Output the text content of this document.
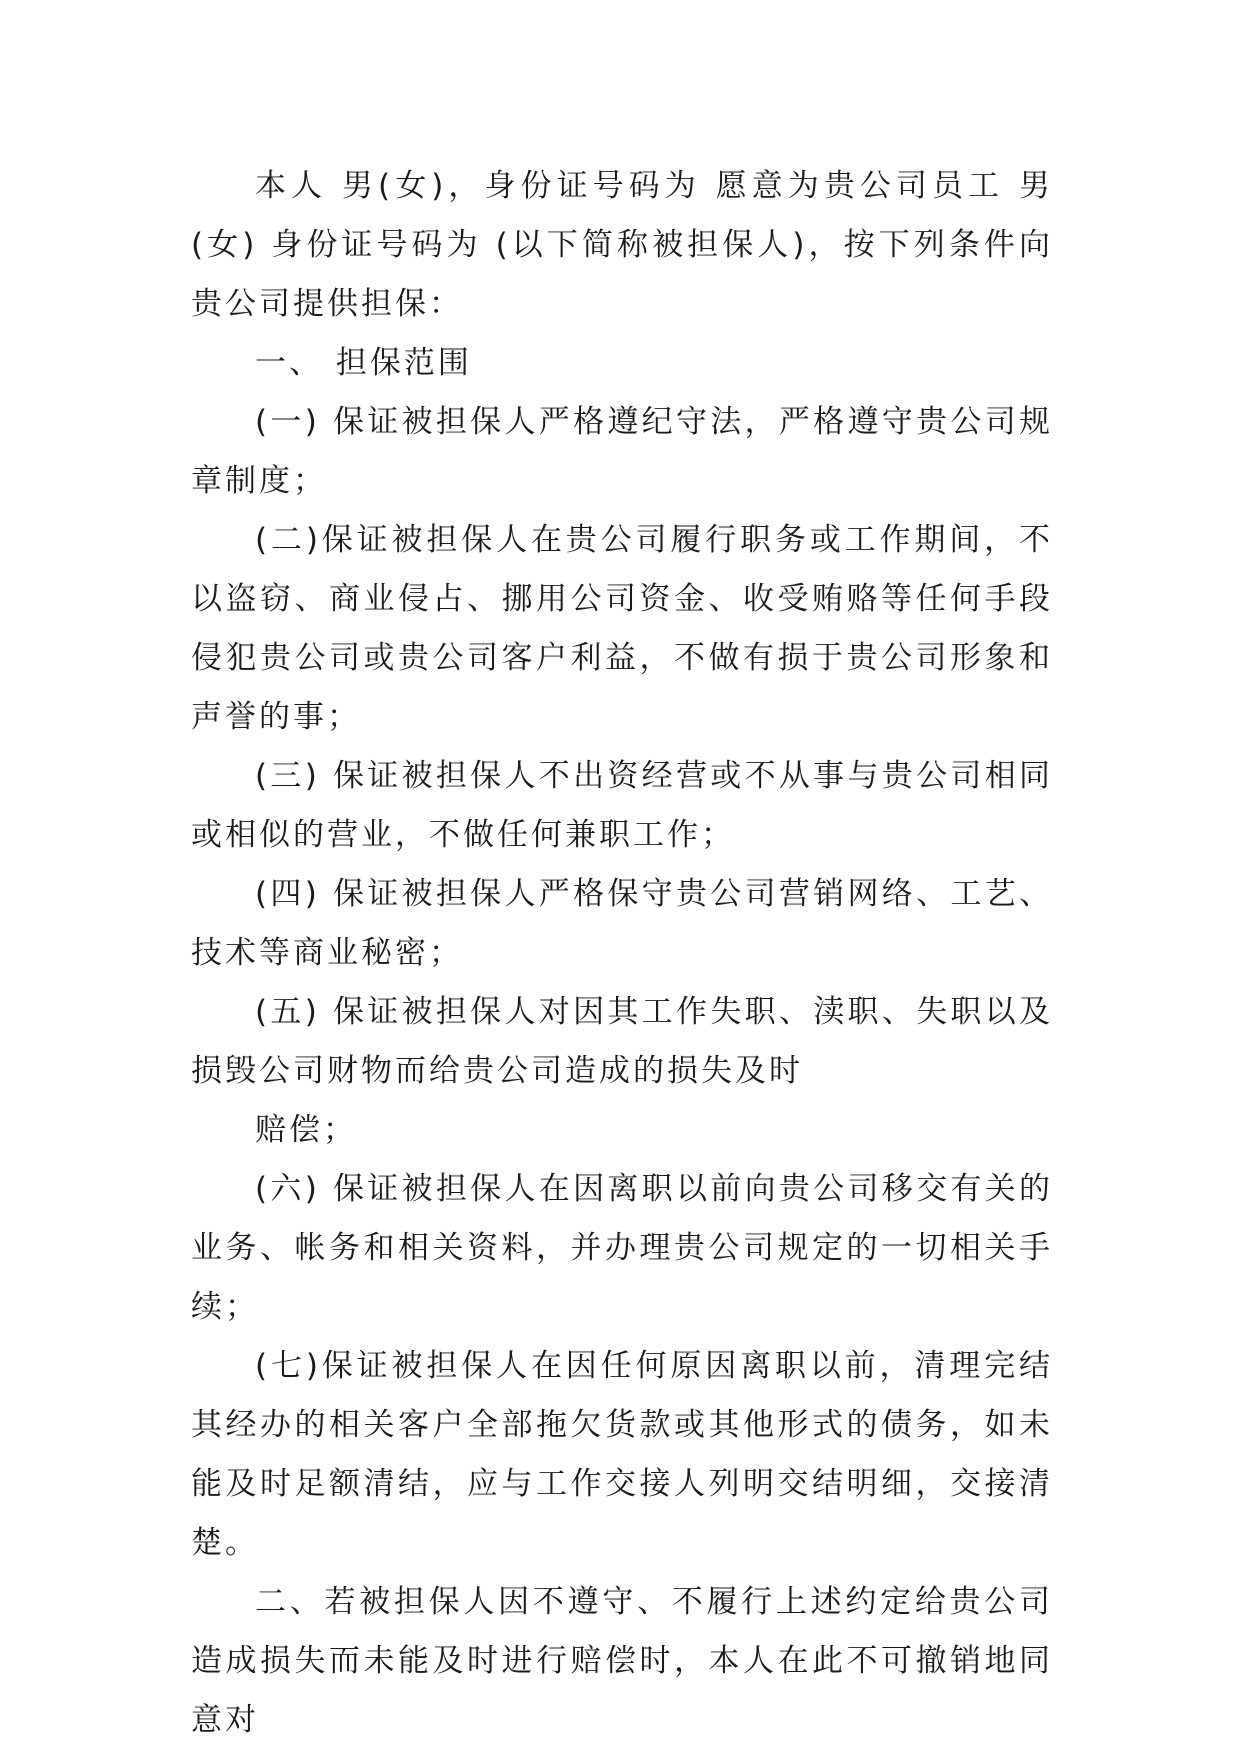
本人 男(女)，身份证号码为 愿意为贵公司员工 男(女) 身份证号码为 (以下简称被担保人)，按下列条件向贵公司提供担保：

一、 担保范围

(一) 保证被担保人严格遵纪守法，严格遵守贵公司规章制度；

(二)保证被担保人在贵公司履行职务或工作期间，不以盗窃、商业侵占、挪用公司资金、收受贿赂等任何手段侵犯贵公司或贵公司客户利益，不做有损于贵公司形象和声誉的事；

(三) 保证被担保人不出资经营或不从事与贵公司相同或相似的营业，不做任何兼职工作；

(四) 保证被担保人严格保守贵公司营销网络、工艺、技术等商业秘密；

(五) 保证被担保人对因其工作失职、渎职、失职以及损毁公司财物而给贵公司造成的损失及时

赔偿；

(六) 保证被担保人在因离职以前向贵公司移交有关的业务、帐务和相关资料，并办理贵公司规定的一切相关手续；

(七)保证被担保人在因任何原因离职以前，清理完结其经办的相关客户全部拖欠货款或其他形式的债务，如未能及时足额清结，应与工作交接人列明交结明细，交接清楚。

二、若被担保人因不遵守、不履行上述约定给贵公司造成损失而未能及时进行赔偿时，本人在此不可撤销地同意对
